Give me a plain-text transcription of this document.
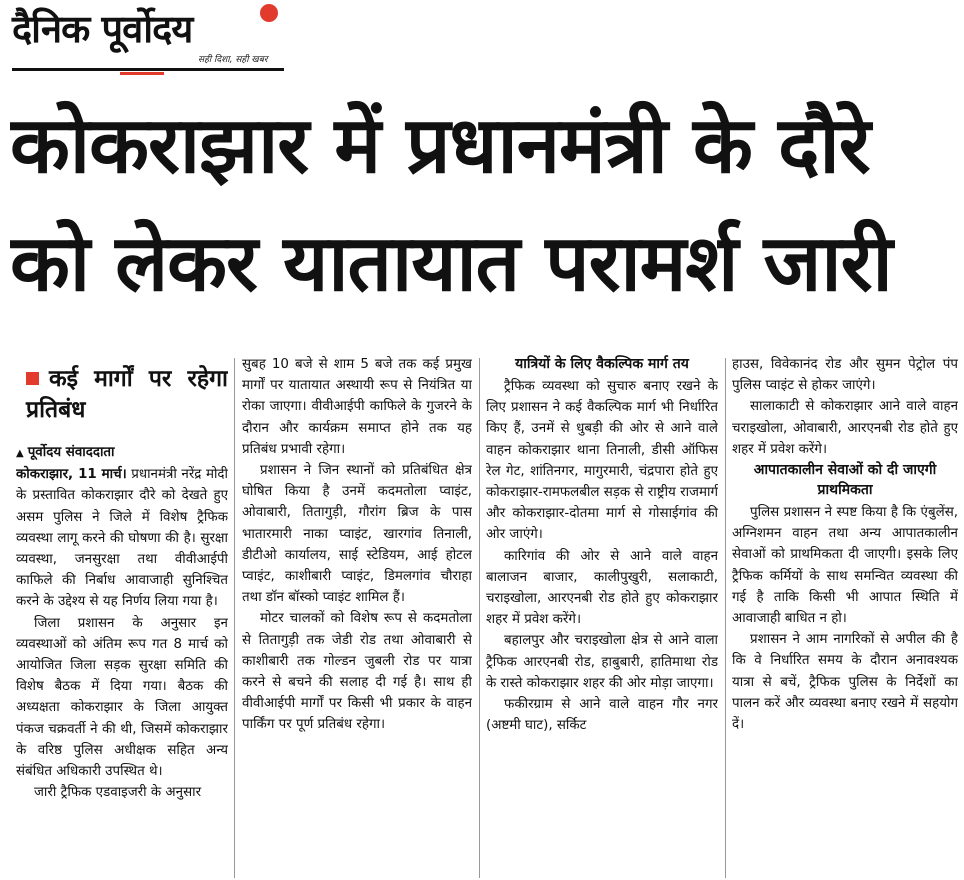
दैनिक पूर्वोदय
सही दिशा, सही खबर
कोकराझार में प्रधानमंत्री के दौरे
को लेकर यातायात परामर्श जारी
कई मार्गों पर रहेगा प्रतिबंध
▲ पूर्वोदय संवाददाता

कोकराझार, 11 मार्च। प्रधानमंत्री नरेंद्र मोदी के प्रस्तावित कोकराझार दौरे को देखते हुए असम पुलिस ने जिले में विशेष ट्रैफिक व्यवस्था लागू करने की घोषणा की है। सुरक्षा व्यवस्था, जनसुरक्षा तथा वीवीआईपी काफिले की निर्बाध आवाजाही सुनिश्चित करने के उद्देश्य से यह निर्णय लिया गया है।

जिला प्रशासन के अनुसार इन व्यवस्थाओं को अंतिम रूप गत 8 मार्च को आयोजित जिला सड़क सुरक्षा समिति की विशेष बैठक में दिया गया। बैठक की अध्यक्षता कोकराझार के जिला आयुक्त पंकज चक्रवर्ती ने की थी, जिसमें कोकराझार के वरिष्ठ पुलिस अधीक्षक सहित अन्य संबंधित अधिकारी उपस्थित थे।

जारी ट्रैफिक एडवाइजरी के अनुसार

सुबह 10 बजे से शाम 5 बजे तक कई प्रमुख मार्गों पर यातायात अस्थायी रूप से नियंत्रित या रोका जाएगा। वीवीआईपी काफिले के गुजरने के दौरान और कार्यक्रम समाप्त होने तक यह प्रतिबंध प्रभावी रहेगा।

प्रशासन ने जिन स्थानों को प्रतिबंधित क्षेत्र घोषित किया है उनमें कदमतोला प्वाइंट, ओवाबारी, तितागुड़ी, गौरांग ब्रिज के पास भातारमारी नाका प्वाइंट, खारगांव तिनाली, डीटीओ कार्यालय, साई स्टेडियम, आई होटल प्वाइंट, काशीबारी प्वाइंट, डिमलगांव चौराहा तथा डॉन बॉस्को प्वाइंट शामिल हैं।

मोटर चालकों को विशेष रूप से कदमतोला से तितागुड़ी तक जेडी रोड तथा ओवाबारी से काशीबारी तक गोल्डन जुबली रोड पर यात्रा करने से बचने की सलाह दी गई है। साथ ही वीवीआईपी मार्गों पर किसी भी प्रकार के वाहन पार्किंग पर पूर्ण प्रतिबंध रहेगा।

यात्रियों के लिए वैकल्पिक मार्ग तय

ट्रैफिक व्यवस्था को सुचारु बनाए रखने के लिए प्रशासन ने कई वैकल्पिक मार्ग भी निर्धारित किए हैं, उनमें से धुबड़ी की ओर से आने वाले वाहन कोकराझार थाना तिनाली, डीसी ऑफिस रेल गेट, शांतिनगर, मागुरमारी, चंद्रपारा होते हुए कोकराझार-रामफलबील सड़क से राष्ट्रीय राजमार्ग और कोकराझार-दोतमा मार्ग से गोसाईगांव की ओर जाएंगे।

कारिगांव की ओर से आने वाले वाहन बालाजन बाजार, कालीपुखुरी, सलाकाटी, चराइखोला, आरएनबी रोड होते हुए कोकराझार शहर में प्रवेश करेंगे।

बहालपुर और चराइखोला क्षेत्र से आने वाला ट्रैफिक आरएनबी रोड, हाबुबारी, हातिमाथा रोड के रास्ते कोकराझार शहर की ओर मोड़ा जाएगा।

फकीरग्राम से आने वाले वाहन गौर नगर (अष्टमी घाट), सर्किट

हाउस, विवेकानंद रोड और सुमन पेट्रोल पंप पुलिस प्वाइंट से होकर जाएंगे।

सालाकाटी से कोकराझार आने वाले वाहन चराइखोला, ओवाबारी, आरएनबी रोड होते हुए शहर में प्रवेश करेंगे।

आपातकालीन सेवाओं को दी जाएगी प्राथमिकता

पुलिस प्रशासन ने स्पष्ट किया है कि एंबुलेंस, अग्निशमन वाहन तथा अन्य आपातकालीन सेवाओं को प्राथमिकता दी जाएगी। इसके लिए ट्रैफिक कर्मियों के साथ समन्वित व्यवस्था की गई है ताकि किसी भी आपात स्थिति में आवाजाही बाधित न हो।

प्रशासन ने आम नागरिकों से अपील की है कि वे निर्धारित समय के दौरान अनावश्यक यात्रा से बचें, ट्रैफिक पुलिस के निर्देशों का पालन करें और व्यवस्था बनाए रखने में सहयोग दें।
